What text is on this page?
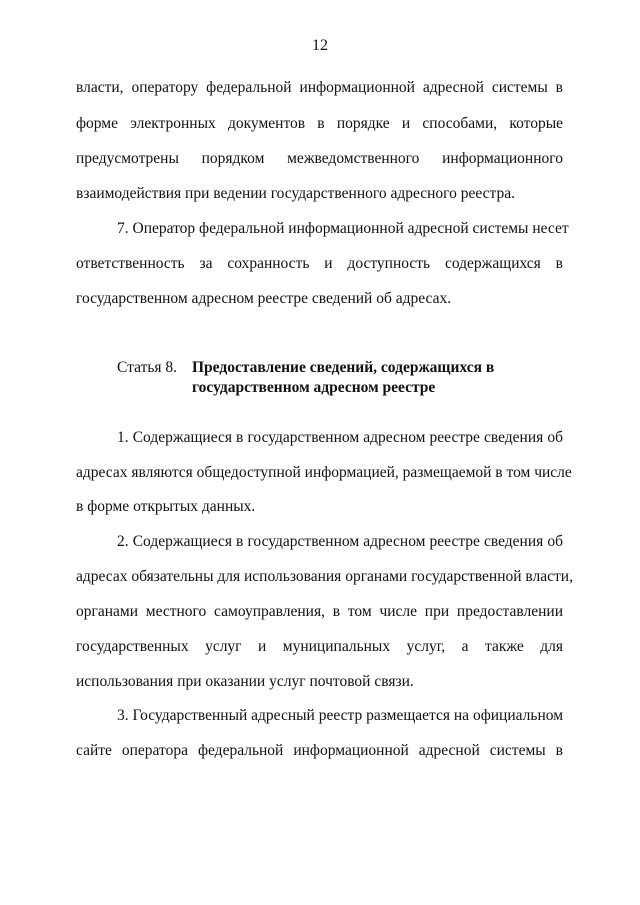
12

власти, оператору федеральной информационной адресной системы в

форме электронных документов в порядке и способами, которые

предусмотрены порядком межведомственного информационного

взаимодействия при ведении государственного адресного реестра.

7. Оператор федеральной информационной адресной системы несет

ответственность за сохранность и доступность содержащихся в

государственном адресном реестре сведений об адресах.

Статья 8. Предоставление сведений, содержащихся в
государственном адресном реестре

1. Содержащиеся в государственном адресном реестре сведения об

адресах являются общедоступной информацией, размещаемой в том числе

в форме открытых данных.

2. Содержащиеся в государственном адресном реестре сведения об

адресах обязательны для использования органами государственной власти,

органами местного самоуправления, в том числе при предоставлении

государственных услуг и муниципальных услуг, а также для

использования при оказании услуг почтовой связи.

3. Государственный адресный реестр размещается на официальном

сайте оператора федеральной информационной адресной системы в
